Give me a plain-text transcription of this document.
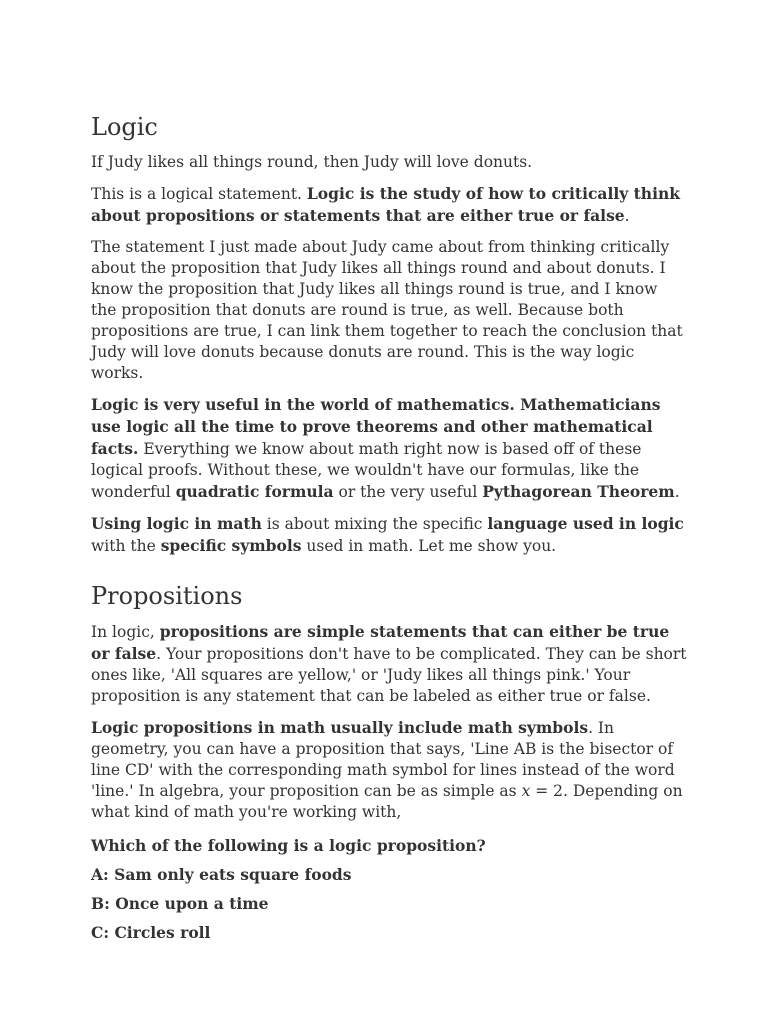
Logic

If Judy likes all things round, then Judy will love donuts.

This is a logical statement. Logic is the study of how to critically think about propositions or statements that are either true or false.

The statement I just made about Judy came about from thinking critically about the proposition that Judy likes all things round and about donuts. I know the proposition that Judy likes all things round is true, and I know the proposition that donuts are round is true, as well. Because both propositions are true, I can link them together to reach the conclusion that Judy will love donuts because donuts are round. This is the way logic works.

Logic is very useful in the world of mathematics. Mathematicians use logic all the time to prove theorems and other mathematical facts. Everything we know about math right now is based off of these logical proofs. Without these, we wouldn't have our formulas, like the wonderful quadratic formula or the very useful Pythagorean Theorem.

Using logic in math is about mixing the specific language used in logic with the specific symbols used in math. Let me show you.

Propositions

In logic, propositions are simple statements that can either be true or false. Your propositions don't have to be complicated. They can be short ones like, 'All squares are yellow,' or 'Judy likes all things pink.' Your proposition is any statement that can be labeled as either true or false.

Logic propositions in math usually include math symbols. In geometry, you can have a proposition that says, 'Line AB is the bisector of line CD' with the corresponding math symbol for lines instead of the word 'line.' In algebra, your proposition can be as simple as x = 2. Depending on what kind of math you're working with,

Which of the following is a logic proposition?

A: Sam only eats square foods

B: Once upon a time

C: Circles roll
